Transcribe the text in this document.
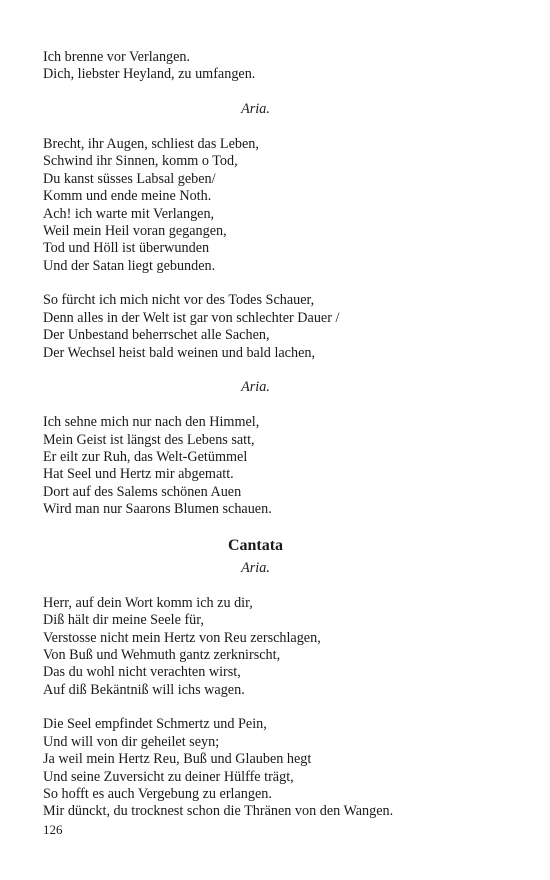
Ich brenne vor Verlangen.
Dich, liebster Heyland, zu umfangen.
Aria.
Brecht, ihr Augen, schliest das Leben,
Schwind ihr Sinnen, komm o Tod,
Du kanst süsses Labsal geben/
Komm und ende meine Noth.
Ach! ich warte mit Verlangen,
Weil mein Heil voran gegangen,
Tod und Höll ist überwunden
Und der Satan liegt gebunden.
So fürcht ich mich nicht vor des Todes Schauer,
Denn alles in der Welt ist gar von schlechter Dauer /
Der Unbestand beherrschet alle Sachen,
Der Wechsel heist bald weinen und bald lachen,
Aria.
Ich sehne mich nur nach den Himmel,
Mein Geist ist längst des Lebens satt,
Er eilt zur Ruh, das Welt-Getümmel
Hat Seel und Hertz mir abgematt.
Dort auf des Salems schönen Auen
Wird man nur Saarons Blumen schauen.
Cantata
Aria.
Herr, auf dein Wort komm ich zu dir,
Diß hält dir meine Seele für,
Verstosse nicht mein Hertz von Reu zerschlagen,
Von Buß und Wehmuth gantz zerknirscht,
Das du wohl nicht verachten wirst,
Auf diß Bekäntniß will ichs wagen.
Die Seel empfindet Schmertz und Pein,
Und will von dir geheilet seyn;
Ja weil mein Hertz Reu, Buß und Glauben hegt
Und seine Zuversicht zu deiner Hülffe trägt,
So hofft es auch Vergebung zu erlangen.
Mir dünckt, du trocknest schon die Thränen von den Wangen.
126
